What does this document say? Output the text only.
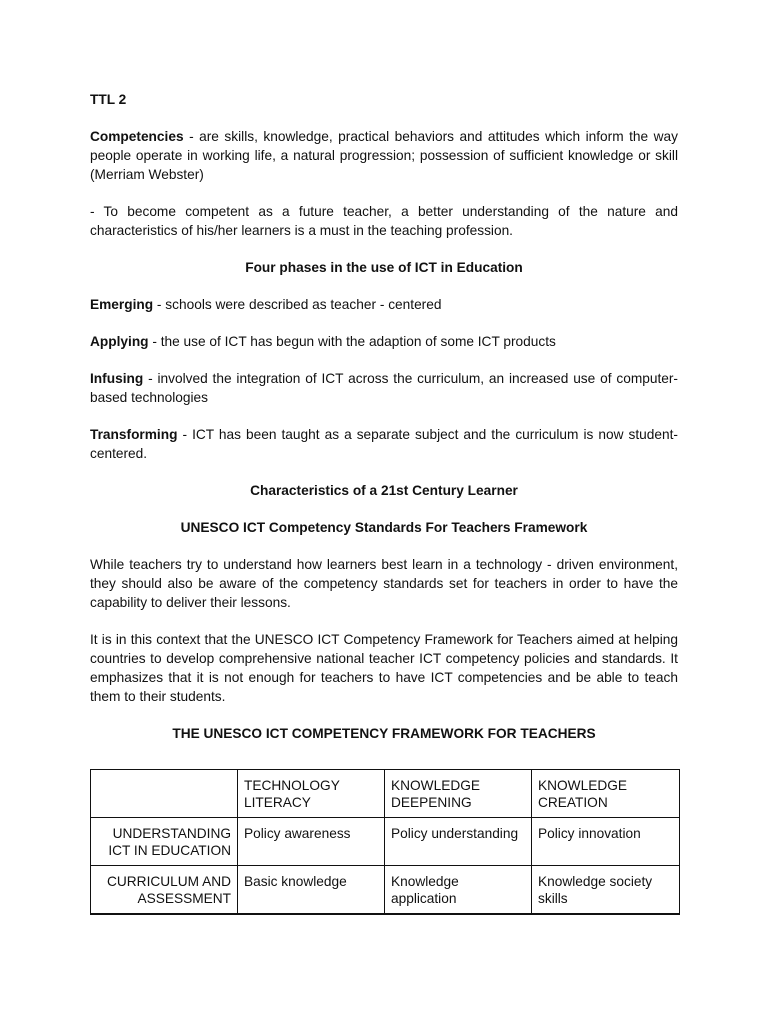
TTL 2

Competencies - are skills, knowledge, practical behaviors and attitudes which inform the way people operate in working life, a natural progression; possession of sufficient knowledge or skill (Merriam Webster)

- To become competent as a future teacher, a better understanding of the nature and characteristics of his/her learners is a must in the teaching profession.

Four phases in the use of ICT in Education

Emerging - schools were described as teacher - centered

Applying - the use of ICT has begun with the adaption of some ICT products

Infusing - involved the integration of ICT across the curriculum, an increased use of computer-based technologies

Transforming - ICT has been taught as a separate subject and the curriculum is now student-centered.

Characteristics of a 21st Century Learner

UNESCO ICT Competency Standards For Teachers Framework

While teachers try to understand how learners best learn in a technology - driven environment, they should also be aware of the competency standards set for teachers in order to have the capability to deliver their lessons.

It is in this context that the UNESCO ICT Competency Framework for Teachers aimed at helping countries to develop comprehensive national teacher ICT competency policies and standards. It emphasizes that it is not enough for teachers to have ICT competencies and be able to teach them to their students.

THE UNESCO ICT COMPETENCY FRAMEWORK FOR TEACHERS

	TECHNOLOGY LITERACY	KNOWLEDGE DEEPENING	KNOWLEDGE CREATION
UNDERSTANDING ICT IN EDUCATION	Policy awareness	Policy understanding	Policy innovation
CURRICULUM AND ASSESSMENT	Basic knowledge	Knowledge application	Knowledge society skills
